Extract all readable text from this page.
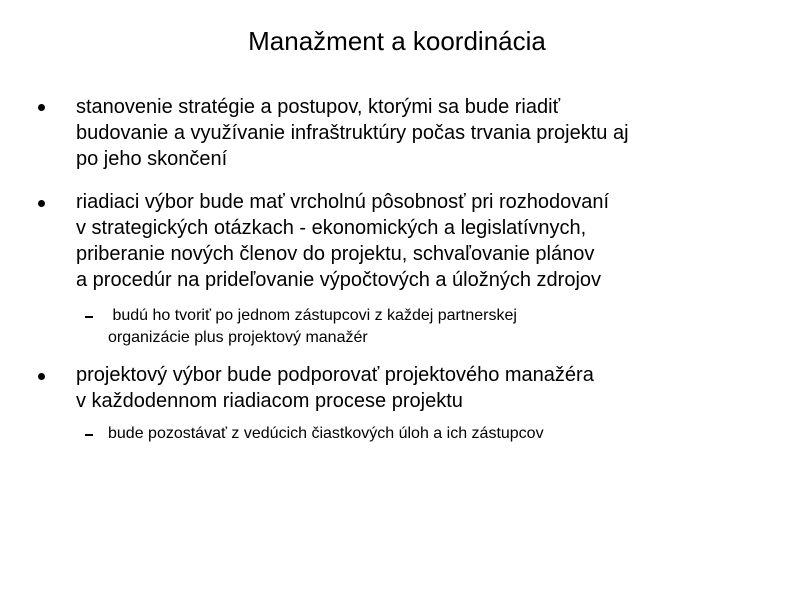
Manažment a koordinácia
stanovenie stratégie a postupov, ktorými sa bude riadiť
budovanie a využívanie infraštruktúry počas trvania projektu aj
po jeho skončení
riadiaci výbor bude mať vrcholnú pôsobnosť pri rozhodovaní
v strategických otázkach - ekonomických a legislatívnych,
priberanie nových členov do projektu, schvaľovanie plánov
a procedúr na prideľovanie výpočtových a úložných zdrojov
budú ho tvoriť po jednom zástupcovi z každej partnerskej
organizácie plus projektový manažér
projektový výbor bude podporovať projektového manažéra
v každodennom riadiacom procese projektu
bude pozostávať z vedúcich čiastkových úloh a ich zástupcov
